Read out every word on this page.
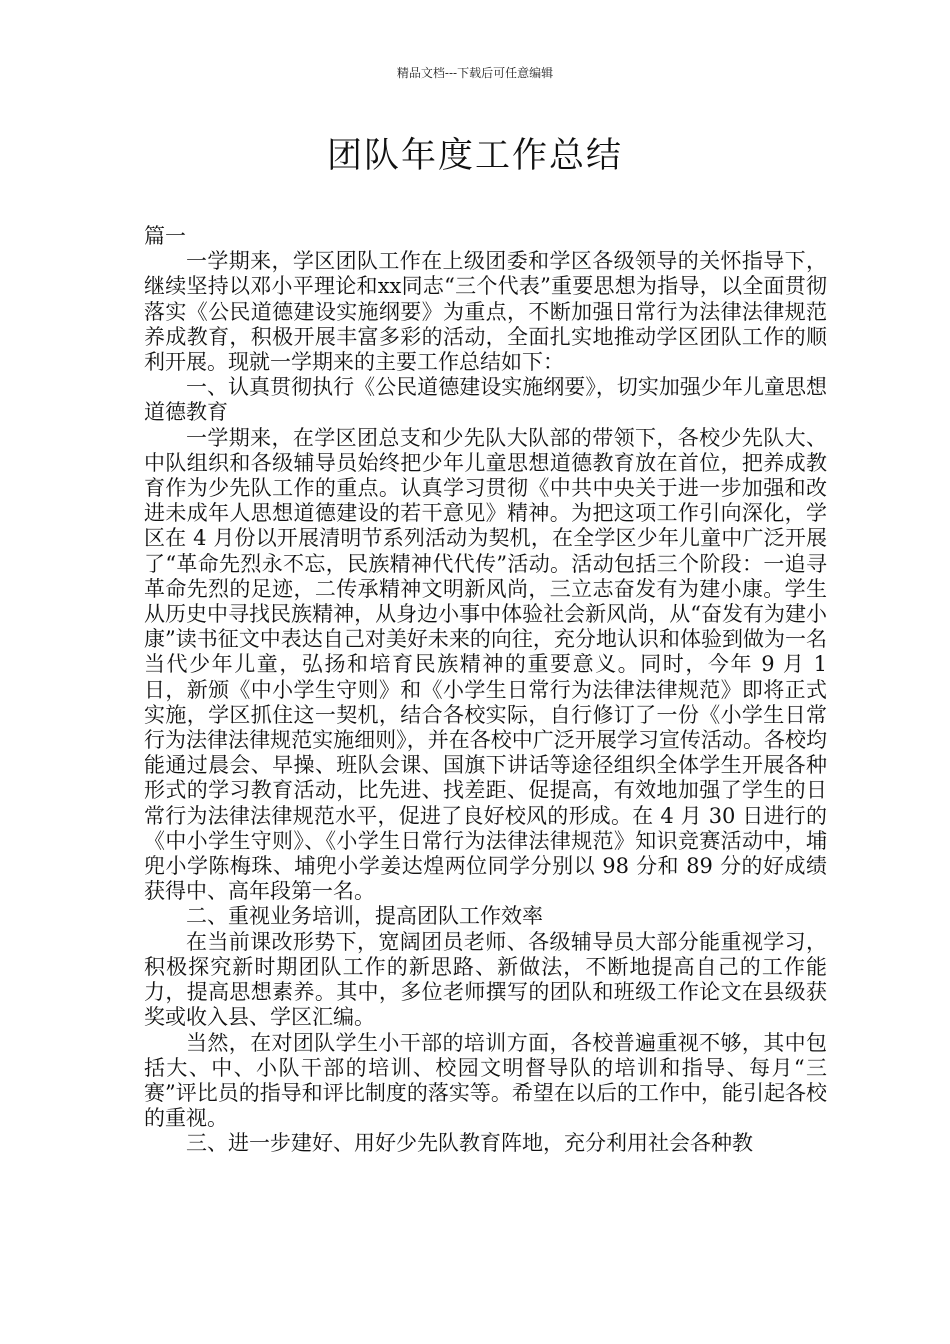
精品文档---下载后可任意编辑
团队年度工作总结

篇一

一学期来，学区团队工作在上级团委和学区各级领导的关怀指导下，继续坚持以邓小平理论和xx同志“三个代表”重要思想为指导，以全面贯彻落实《公民道德建设实施纲要》为重点，不断加强日常行为法律法律规范养成教育，积极开展丰富多彩的活动，全面扎实地推动学区团队工作的顺利开展。现就一学期来的主要工作总结如下：

一、认真贯彻执行《公民道德建设实施纲要》，切实加强少年儿童思想道德教育

一学期来，在学区团总支和少先队大队部的带领下，各校少先队大、中队组织和各级辅导员始终把少年儿童思想道德教育放在首位，把养成教育作为少先队工作的重点。认真学习贯彻《中共中央关于进一步加强和改进未成年人思想道德建设的若干意见》精神。为把这项工作引向深化，学区在 4 月份以开展清明节系列活动为契机，在全学区少年儿童中广泛开展了“革命先烈永不忘，民族精神代代传”活动。活动包括三个阶段：一追寻革命先烈的足迹，二传承精神文明新风尚，三立志奋发有为建小康。学生从历史中寻找民族精神，从身边小事中体验社会新风尚，从“奋发有为建小康”读书征文中表达自己对美好未来的向往，充分地认识和体验到做为一名当代少年儿童，弘扬和培育民族精神的重要意义。同时，今年 9 月 1 日，新颁《中小学生守则》和《小学生日常行为法律法律规范》即将正式实施，学区抓住这一契机，结合各校实际，自行修订了一份《小学生日常行为法律法律规范实施细则》，并在各校中广泛开展学习宣传活动。各校均能通过晨会、早操、班队会课、国旗下讲话等途径组织全体学生开展各种形式的学习教育活动，比先进、找差距、促提高，有效地加强了学生的日常行为法律法律规范水平，促进了良好校风的形成。在 4 月 30 日进行的《中小学生守则》、《小学生日常行为法律法律规范》知识竞赛活动中，埔兜小学陈梅珠、埔兜小学姜达煌两位同学分别以 98 分和 89 分的好成绩获得中、高年段第一名。

二、重视业务培训，提高团队工作效率

在当前课改形势下，宽阔团员老师、各级辅导员大部分能重视学习，积极探究新时期团队工作的新思路、新做法，不断地提高自己的工作能力，提高思想素养。其中，多位老师撰写的团队和班级工作论文在县级获奖或收入县、学区汇编。

当然，在对团队学生小干部的培训方面，各校普遍重视不够，其中包括大、中、小队干部的培训、校园文明督导队的培训和指导、每月“三赛”评比员的指导和评比制度的落实等。希望在以后的工作中，能引起各校的重视。

三、进一步建好、用好少先队教育阵地，充分利用社会各种教
